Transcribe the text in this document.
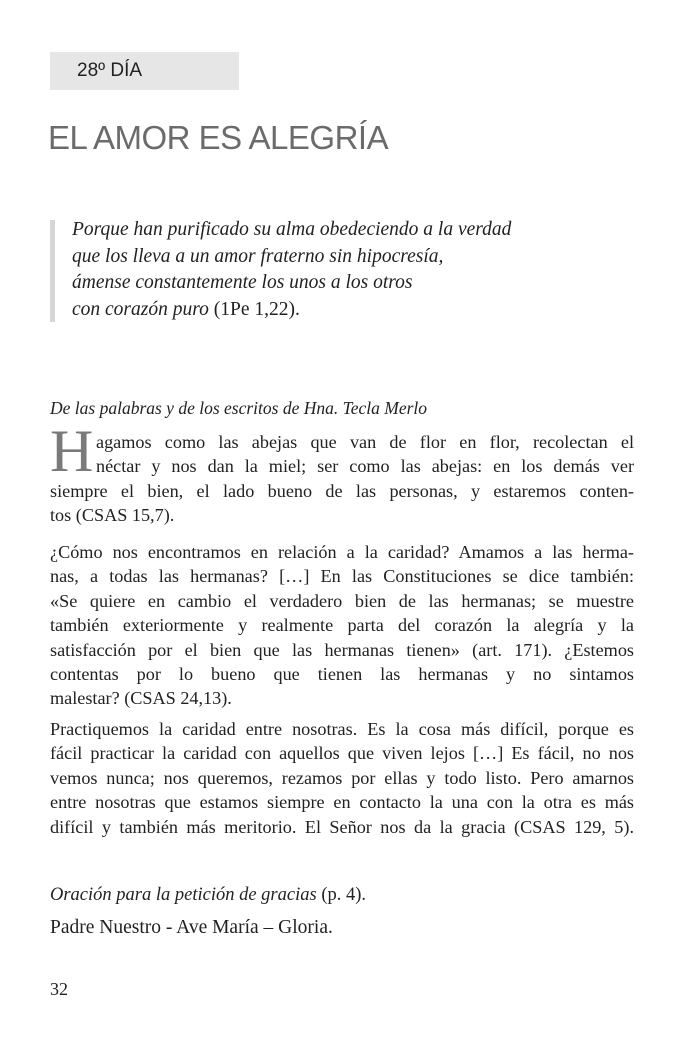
28º DÍA
EL AMOR ES ALEGRÍA
Porque han purificado su alma obedeciendo a la verdad
que los lleva a un amor fraterno sin hipocresía,
ámense constantemente los unos a los otros
con corazón puro (1Pe 1,22).
De las palabras y de los escritos de Hna. Tecla Merlo
H agamos como las abejas que van de flor en flor, recolectan el
néctar y nos dan la miel; ser como las abejas: en los demás ver
siempre el bien, el lado bueno de las personas, y estaremos conten-
tos (CSAS 15,7).
¿Cómo nos encontramos en relación a la caridad? Amamos a las herma-
nas, a todas las hermanas? […] En las Constituciones se dice también:
«Se quiere en cambio el verdadero bien de las hermanas; se muestre
también exteriormente y realmente parta del corazón la alegría y la
satisfacción por el bien que las hermanas tienen» (art. 171). ¿Estemos
contentas por lo bueno que tienen las hermanas y no sintamos
malestar? (CSAS 24,13).
Practiquemos la caridad entre nosotras. Es la cosa más difícil, porque es
fácil practicar la caridad con aquellos que viven lejos […] Es fácil, no nos
vemos nunca; nos queremos, rezamos por ellas y todo listo. Pero amarnos
entre nosotras que estamos siempre en contacto la una con la otra es más
difícil y también más meritorio. El Señor nos da la gracia (CSAS 129, 5).
Oración para la petición de gracias (p. 4).
Padre Nuestro - Ave María – Gloria.
32
